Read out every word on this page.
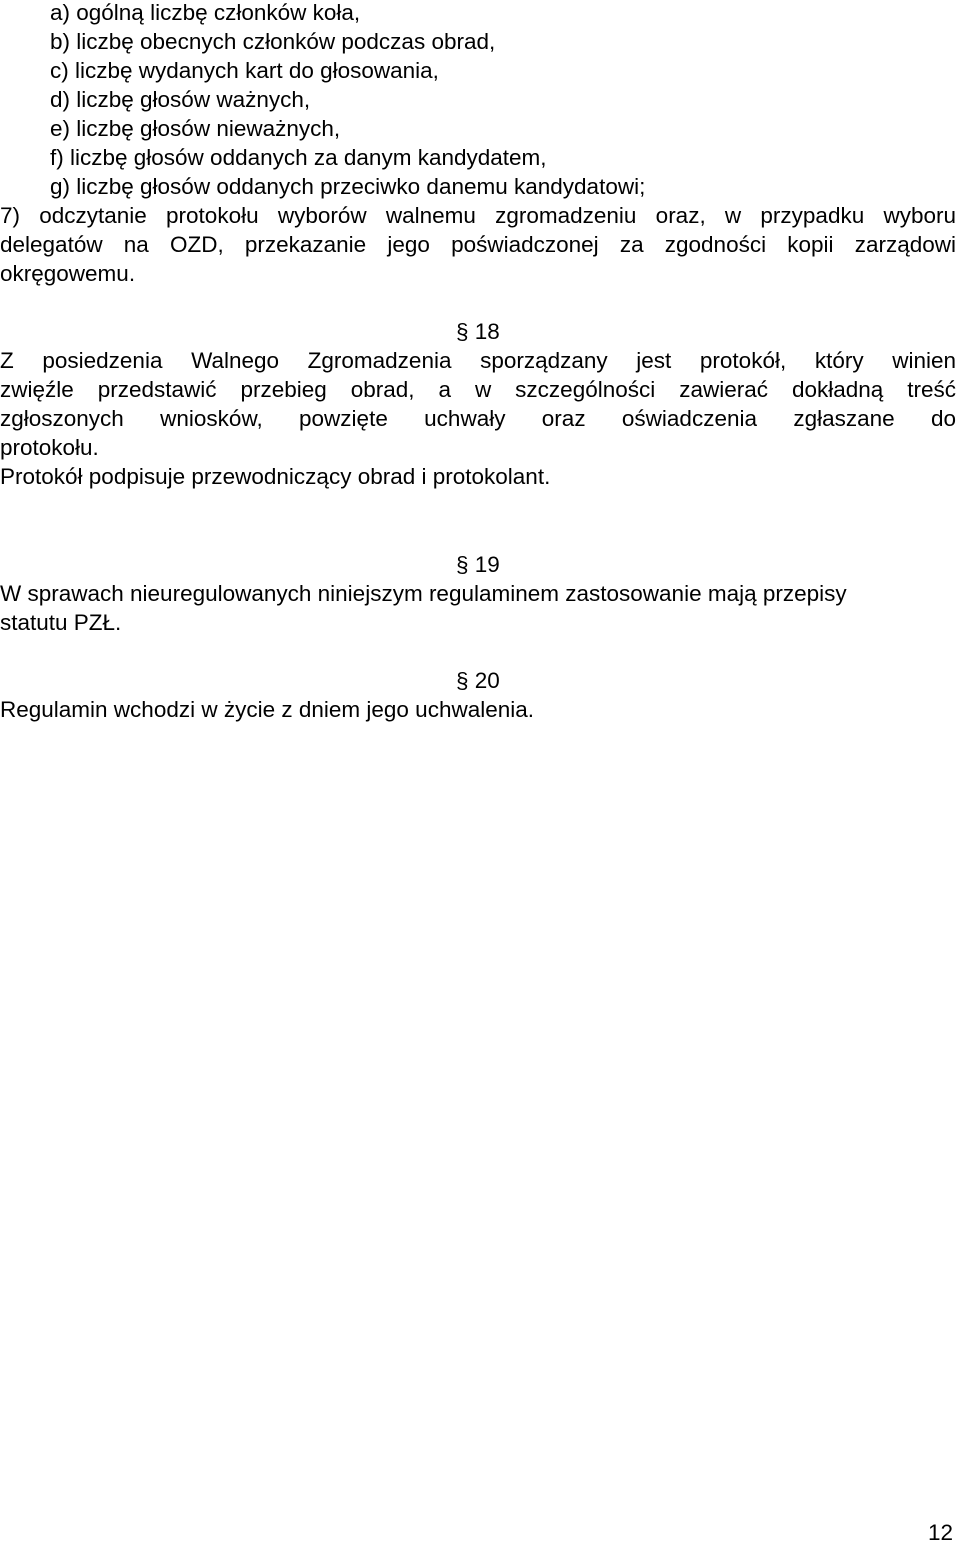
a) ogólną liczbę członków koła,
b) liczbę obecnych członków podczas obrad,
c) liczbę wydanych kart do głosowania,
d) liczbę głosów ważnych,
e) liczbę głosów nieważnych,
f) liczbę głosów oddanych za danym kandydatem,
g) liczbę głosów oddanych przeciwko danemu kandydatowi;
7) odczytanie protokołu wyborów walnemu zgromadzeniu oraz, w przypadku wyboru
delegatów na OZD, przekazanie jego poświadczonej za zgodności kopii zarządowi
okręgowemu.
§ 18
Z posiedzenia Walnego Zgromadzenia sporządzany jest protokół, który winien
zwięźle przedstawić przebieg obrad, a w szczególności zawierać dokładną treść
zgłoszonych wniosków, powzięte uchwały oraz oświadczenia zgłaszane do
protokołu.
Protokół podpisuje przewodniczący obrad i protokolant.
§ 19
W sprawach nieuregulowanych niniejszym regulaminem zastosowanie mają przepisy
statutu PZŁ.
§ 20
Regulamin wchodzi w życie z dniem jego uchwalenia.
12
